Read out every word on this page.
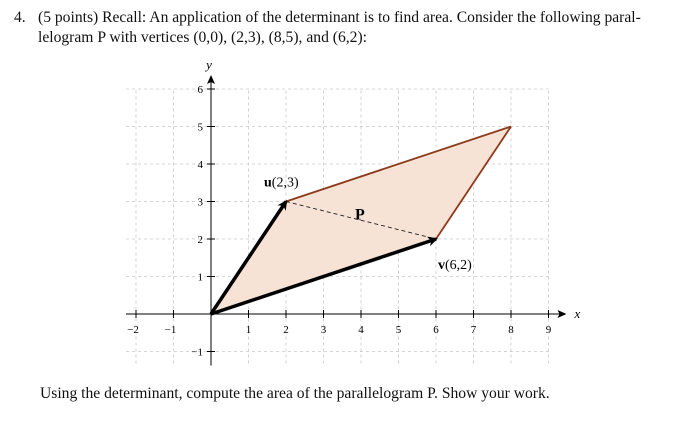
4. (5 points) Recall: An application of the determinant is to find area. Consider the following paral-
lelogram P with vertices (0,0), (2,3), (8,5), and (6,2):
−2 −1	1	2	3	4	5	6	7	8	9
−1
1
2
3
4
5
6
x
y
u(2,3)
v(6,2)
P
Using the determinant, compute the area of the parallelogram P. Show your work.
